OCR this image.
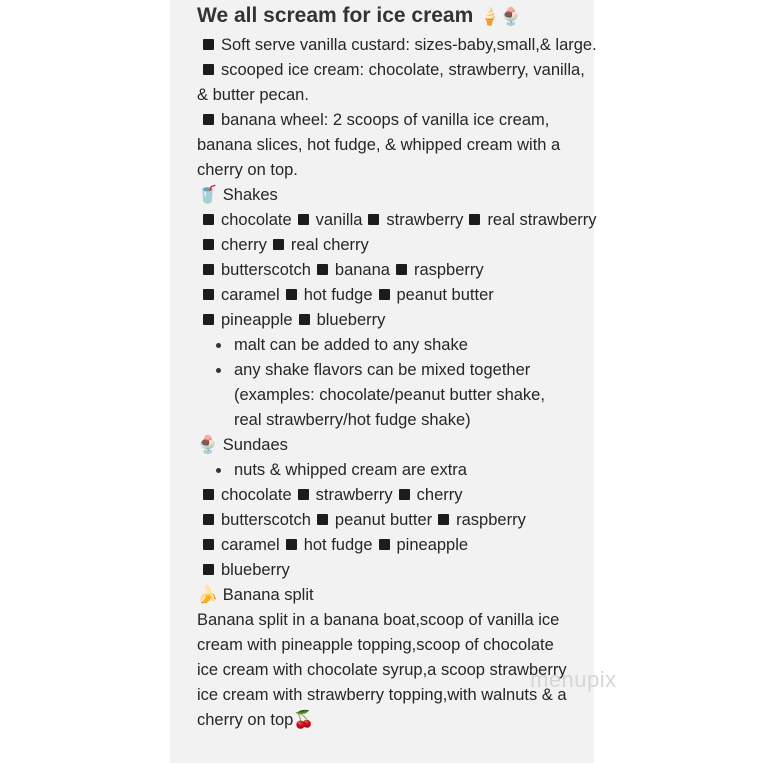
We all scream for ice cream 🍦🍨
Soft serve vanilla custard: sizes-baby,small,& large.
scooped ice cream: chocolate, strawberry, vanilla, & butter pecan.
banana wheel: 2 scoops of vanilla ice cream, banana slices, hot fudge, & whipped cream with a cherry on top.
🥤 Shakes
chocolate vanilla strawberry real strawberry
cherry real cherry
butterscotch banana raspberry
caramel hot fudge peanut butter
pineapple blueberry
malt can be added to any shake
any shake flavors can be mixed together (examples: chocolate/peanut butter shake, real strawberry/hot fudge shake)
🍨 Sundaes
nuts & whipped cream are extra
chocolate strawberry cherry
butterscotch peanut butter raspberry
caramel hot fudge pineapple
blueberry
🍌 Banana split
Banana split in a banana boat,scoop of vanilla ice cream with pineapple topping,scoop of chocolate ice cream with chocolate syrup,a scoop strawberry ice cream with strawberry topping,with walnuts & a cherry on top🍒
menupix
